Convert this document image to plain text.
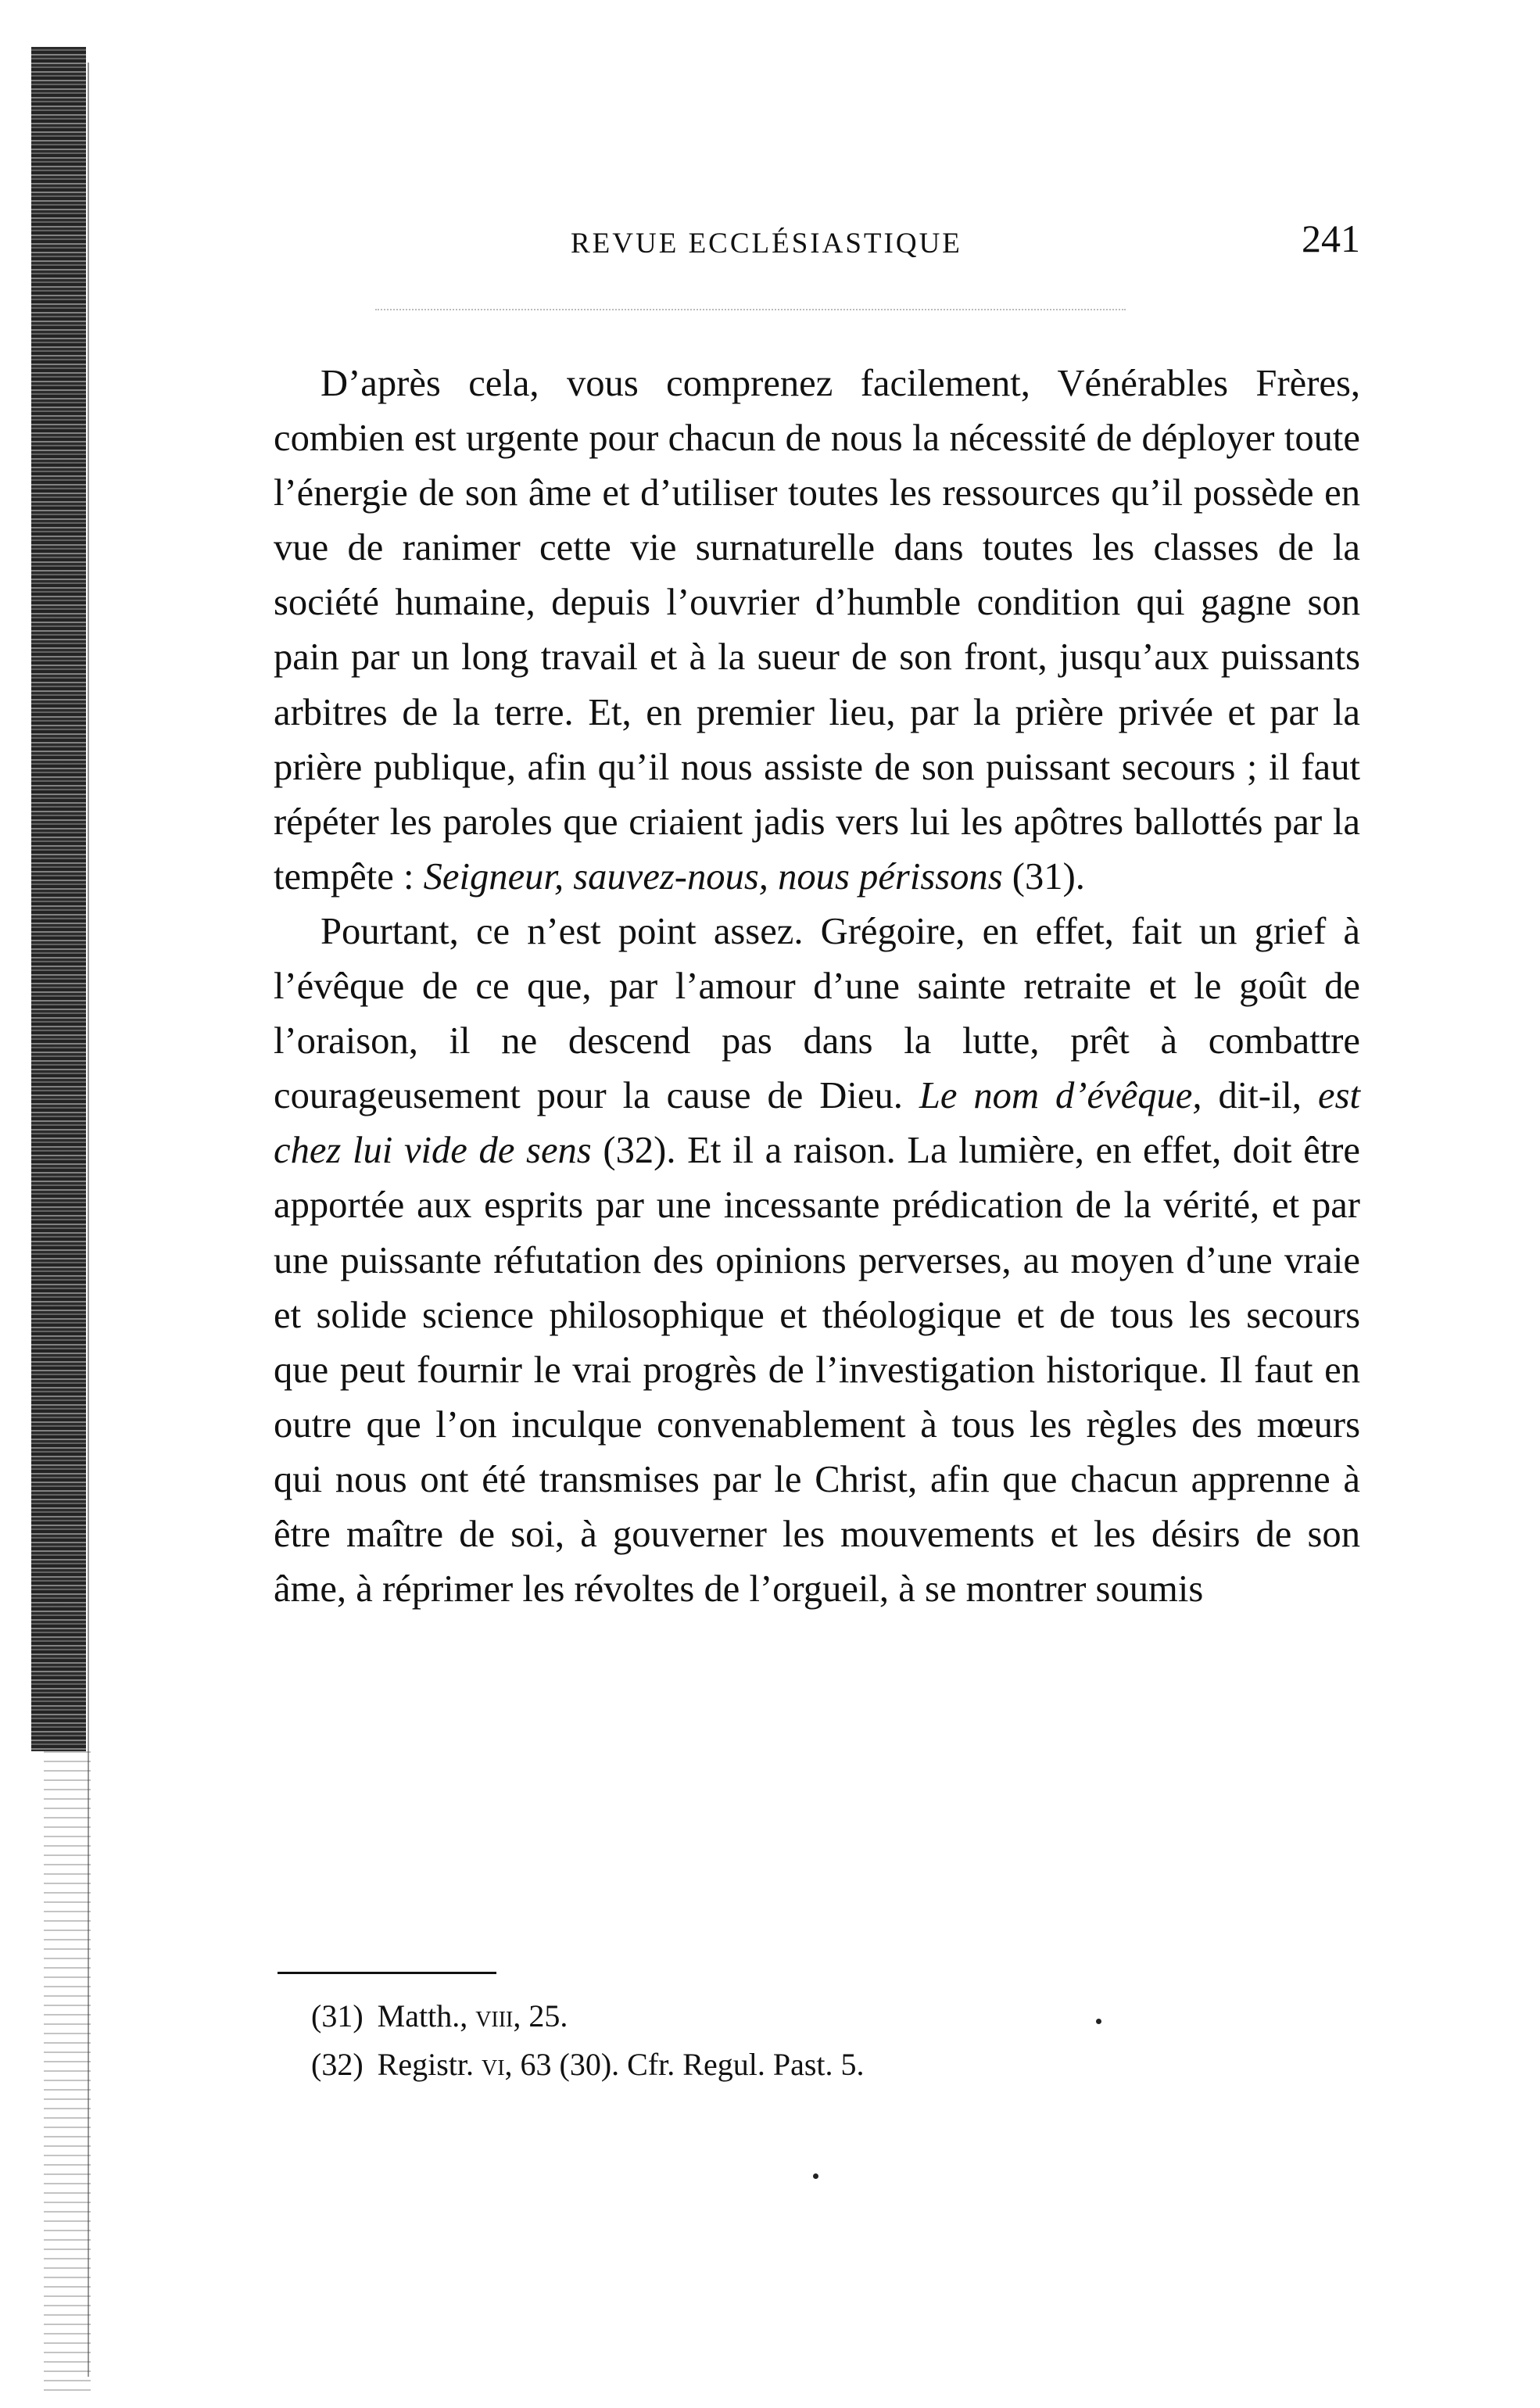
REVUE ECCLÉSIASTIQUE	241

D’après cela, vous comprenez facilement, Vénérables Frères, combien est urgente pour chacun de nous la nécessité de déployer toute l’énergie de son âme et d’utiliser toutes les ressources qu’il possède en vue de ranimer cette vie surnaturelle dans toutes les classes de la société humaine, depuis l’ouvrier d’humble condition qui gagne son pain par un long travail et à la sueur de son front, jusqu’aux puissants arbitres de la terre. Et, en premier lieu, par la prière privée et par la prière publique, afin qu’il nous assiste de son puissant secours ; il faut répéter les paroles que criaient jadis vers lui les apôtres ballottés par la tempête : Seigneur, sauvez-nous, nous périssons (31).

Pourtant, ce n’est point assez. Grégoire, en effet, fait un grief à l’évêque de ce que, par l’amour d’une sainte retraite et le goût de l’oraison, il ne descend pas dans la lutte, prêt à combattre courageusement pour la cause de Dieu. Le nom d’évêque, dit-il, est chez lui vide de sens (32). Et il a raison. La lumière, en effet, doit être apportée aux esprits par une incessante prédication de la vérité, et par une puissante réfutation des opinions perverses, au moyen d’une vraie et solide science philosophique et théologique et de tous les secours que peut fournir le vrai progrès de l’investigation historique. Il faut en outre que l’on inculque convenablement à tous les règles des mœurs qui nous ont été transmises par le Christ, afin que chacun apprenne à être maître de soi, à gouverner les mouvements et les désirs de son âme, à réprimer les révoltes de l’orgueil, à se montrer soumis

(31) Matth., viii, 25.
(32) Registr. vi, 63 (30). Cfr. Regul. Past. 5.
